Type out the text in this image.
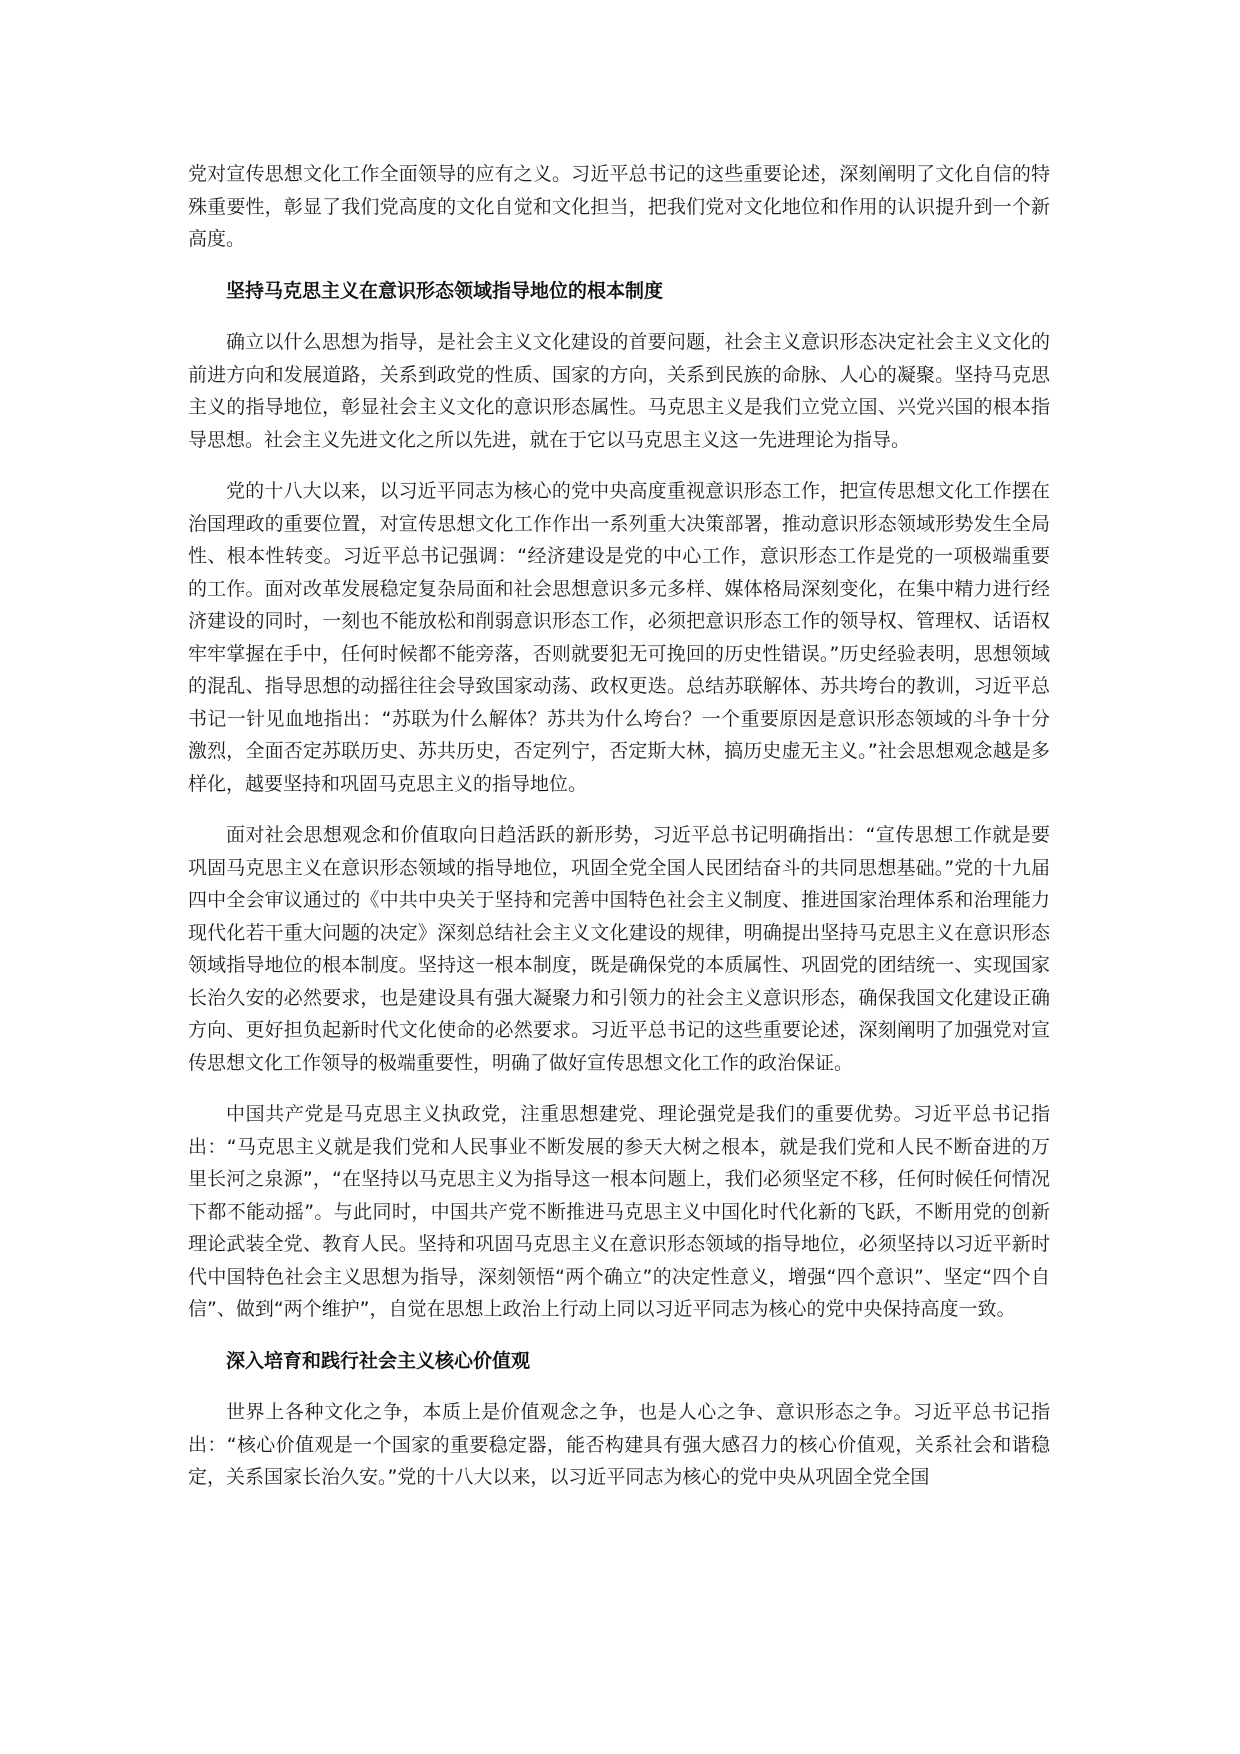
党对宣传思想文化工作全面领导的应有之义。习近平总书记的这些重要论述，深刻阐明了文化自信的特殊重要性，彰显了我们党高度的文化自觉和文化担当，把我们党对文化地位和作用的认识提升到一个新高度。

坚持马克思主义在意识形态领域指导地位的根本制度

确立以什么思想为指导，是社会主义文化建设的首要问题，社会主义意识形态决定社会主义文化的前进方向和发展道路，关系到政党的性质、国家的方向，关系到民族的命脉、人心的凝聚。坚持马克思主义的指导地位，彰显社会主义文化的意识形态属性。马克思主义是我们立党立国、兴党兴国的根本指导思想。社会主义先进文化之所以先进，就在于它以马克思主义这一先进理论为指导。

党的十八大以来，以习近平同志为核心的党中央高度重视意识形态工作，把宣传思想文化工作摆在治国理政的重要位置，对宣传思想文化工作作出一系列重大决策部署，推动意识形态领域形势发生全局性、根本性转变。习近平总书记强调：“经济建设是党的中心工作，意识形态工作是党的一项极端重要的工作。面对改革发展稳定复杂局面和社会思想意识多元多样、媒体格局深刻变化，在集中精力进行经济建设的同时，一刻也不能放松和削弱意识形态工作，必须把意识形态工作的领导权、管理权、话语权牢牢掌握在手中，任何时候都不能旁落，否则就要犯无可挽回的历史性错误。”历史经验表明，思想领域的混乱、指导思想的动摇往往会导致国家动荡、政权更迭。总结苏联解体、苏共垮台的教训，习近平总书记一针见血地指出：“苏联为什么解体？苏共为什么垮台？一个重要原因是意识形态领域的斗争十分激烈，全面否定苏联历史、苏共历史，否定列宁，否定斯大林，搞历史虚无主义。”社会思想观念越是多样化，越要坚持和巩固马克思主义的指导地位。

面对社会思想观念和价值取向日趋活跃的新形势，习近平总书记明确指出：“宣传思想工作就是要巩固马克思主义在意识形态领域的指导地位，巩固全党全国人民团结奋斗的共同思想基础。”党的十九届四中全会审议通过的《中共中央关于坚持和完善中国特色社会主义制度、推进国家治理体系和治理能力现代化若干重大问题的决定》深刻总结社会主义文化建设的规律，明确提出坚持马克思主义在意识形态领域指导地位的根本制度。坚持这一根本制度，既是确保党的本质属性、巩固党的团结统一、实现国家长治久安的必然要求，也是建设具有强大凝聚力和引领力的社会主义意识形态，确保我国文化建设正确方向、更好担负起新时代文化使命的必然要求。习近平总书记的这些重要论述，深刻阐明了加强党对宣传思想文化工作领导的极端重要性，明确了做好宣传思想文化工作的政治保证。

中国共产党是马克思主义执政党，注重思想建党、理论强党是我们的重要优势。习近平总书记指出：“马克思主义就是我们党和人民事业不断发展的参天大树之根本，就是我们党和人民不断奋进的万里长河之泉源”，“在坚持以马克思主义为指导这一根本问题上，我们必须坚定不移，任何时候任何情况下都不能动摇”。与此同时，中国共产党不断推进马克思主义中国化时代化新的飞跃，不断用党的创新理论武装全党、教育人民。坚持和巩固马克思主义在意识形态领域的指导地位，必须坚持以习近平新时代中国特色社会主义思想为指导，深刻领悟“两个确立”的决定性意义，增强“四个意识”、坚定“四个自信”、做到“两个维护”，自觉在思想上政治上行动上同以习近平同志为核心的党中央保持高度一致。

深入培育和践行社会主义核心价值观

世界上各种文化之争，本质上是价值观念之争，也是人心之争、意识形态之争。习近平总书记指出：“核心价值观是一个国家的重要稳定器，能否构建具有强大感召力的核心价值观，关系社会和谐稳定，关系国家长治久安。”党的十八大以来，以习近平同志为核心的党中央从巩固全党全国
